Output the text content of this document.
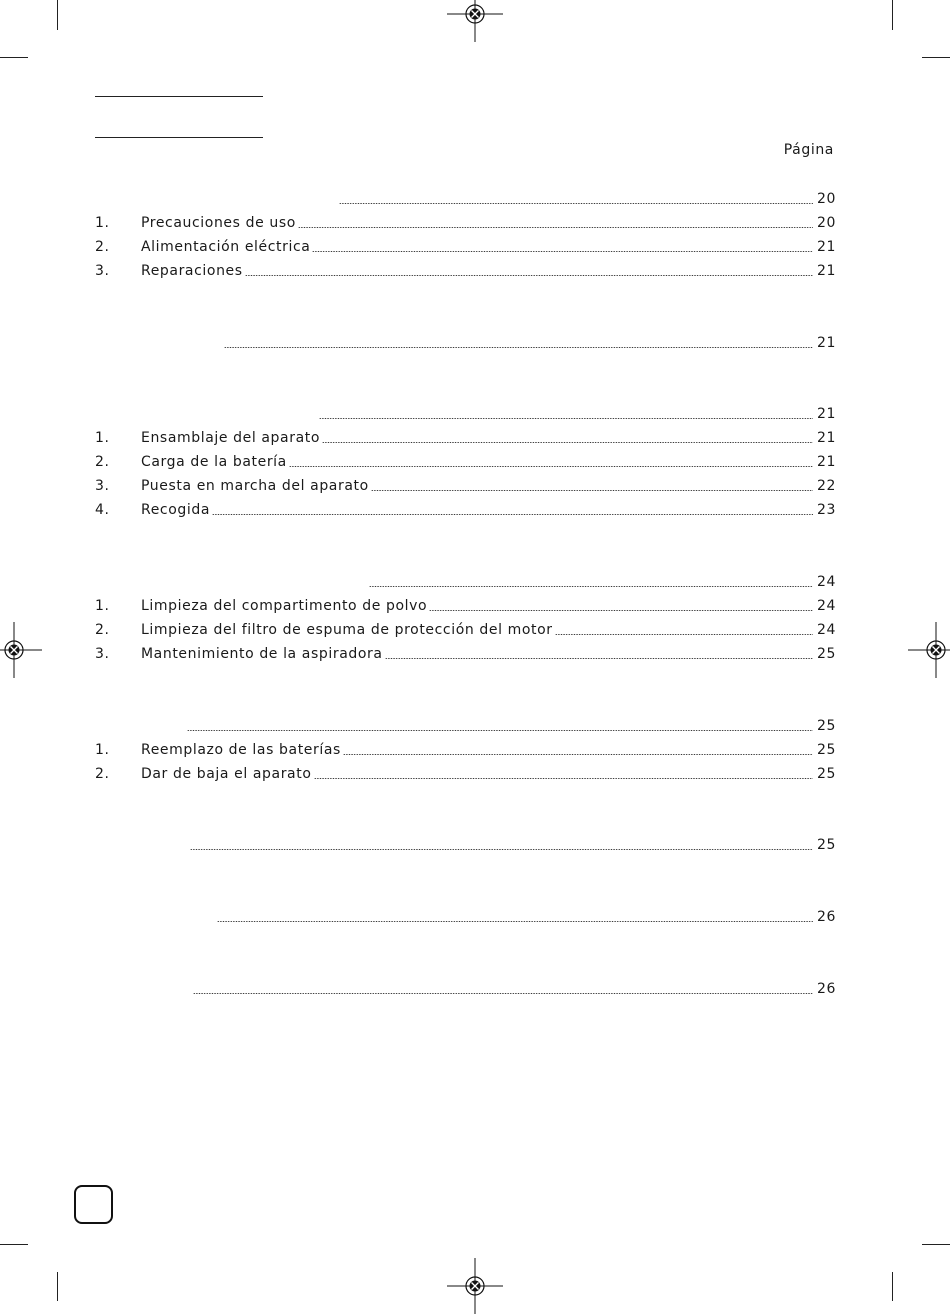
Página
20
1.	Precauciones de uso	20
2.	Alimentación eléctrica	21
3.	Reparaciones	21
21
21
1.	Ensamblaje del aparato	21
2.	Carga de la batería	21
3.	Puesta en marcha del aparato	22
4.	Recogida	23
24
1.	Limpieza del compartimento de polvo	24
2.	Limpieza del filtro de espuma de protección del motor	24
3.	Mantenimiento de la aspiradora	25
25
1.	Reemplazo de las baterías	25
2.	Dar de baja el aparato	25
25
26
26
